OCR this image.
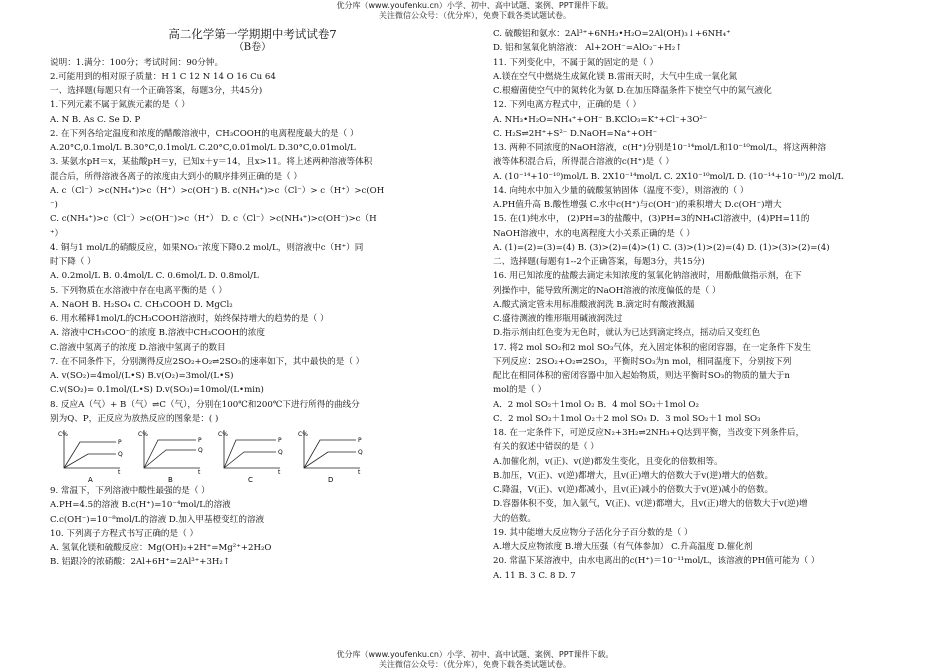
优分库（www.youfenku.cn）小学、初中、高中试题、案例、PPT课件下载。
关注微信公众号：（优分库），免费下载各类试题试卷。
高二化学第一学期期中考试试卷7
（B卷）
说明：1.满分：100分；考试时间：90分钟。
2.可能用到的相对原子质量：H 1 C 12 N 14 O 16 Cu 64
一、选择题(每题只有一个正确答案，每题3分，共45分)
1.下列元素不属于氮族元素的是（ ）
A. N B. As C. Se D. P
2. 在下列各给定温度和浓度的醋酸溶液中，CH₃COOH的电离程度最大的是（ ）
A.20°C,0.1mol/L B.30°C,0.1mol/L C.20°C,0.01mol/L D.30°C,0.01mol/L
3. 某氨水pH＝x，某盐酸pH＝y，已知x＋y＝14，且x>11。将上述两种溶液等体积
混合后，所得溶液各离子的浓度由大到小的顺序排列正确的是（ ）
A. c（Cl⁻）>c(NH₄⁺)>c（H⁺）>c(OH⁻) B. c(NH₄⁺)>c（Cl⁻）> c（H⁺）>c(OH
⁻)
C. c(NH₄⁺)>c（Cl⁻）>c(OH⁻)>c（H⁺） D. c（Cl⁻）>c(NH₄⁺)>c(OH⁻)>c（H
⁺）
4. 铜与1 mol/L的硝酸反应，如果NO₃⁻浓度下降0.2 mol/L，则溶液中c（H⁺）同
时下降（ ）
A. 0.2mol/L B. 0.4mol/L C. 0.6mol/L D. 0.8mol/L
5. 下列物质在水溶液中存在电离平衡的是（ ）
A. NaOH B. H₂SO₄ C. CH₃COOH D. MgCl₂
6. 用水稀释1mol/L的CH₃COOH溶液时，始终保持增大的趋势的是（ ）
A. 溶液中CH₃COO⁻的浓度 B.溶液中CH₃COOH的浓度
C.溶液中氢离子的浓度 D.溶液中氢离子的数目
7. 在不同条件下，分别测得反应2SO₂+O₂⇌2SO₃的速率如下，其中最快的是（ ）
A. v(SO₂)=4mol/(L•S) B.v(O₂)=3mol/(L•S)
C.v(SO₂)= 0.1mol/(L•S) D.v(SO₃)=10mol/(L•min)
8. 反应A（气）+ B（气）⇌C（气），分别在100℃和200℃下进行所得的曲线分
别为Q、P，正反应为放热反应的图象是：( )
C%
t
P
Q
A
C%
t
Q
P
B
C%
t
P
Q
C
C%
t
Q
P
D
9. 常温下，下列溶液中酸性最强的是（ ）
A.PH=4.5的溶液 B.c(H⁺)=10⁻⁴mol/L的溶液
C.c(OH⁻)=10⁻⁸mol/L的溶液 D.加入甲基橙变红的溶液
10. 下列离子方程式书写正确的是（ ）
A. 氢氧化镁和硫酸反应：Mg(OH)₂+2H⁺=Mg²⁺+2H₂O
B. 铝跟冷的浓硝酸：2Al+6H⁺=2Al³⁺+3H₂↑
C. 硫酸铝和氨水：2Al³⁺+6NH₃•H₂O=2Al(OH)₃↓+6NH₄⁺
D. 铝和氢氧化钠溶液： Al+2OH⁻=AlO₂⁻+H₂↑
11. 下列变化中，不属于氮的固定的是（ ）
A.镁在空气中燃烧生成氮化镁 B.雷雨天时，大气中生成一氧化氮
C.根瘤菌使空气中的氮转化为氨 D.在加压降温条件下使空气中的氮气液化
12. 下列电离方程式中，正确的是（ ）
A. NH₃•H₂O=NH₄⁺+OH⁻ B.KClO₃=K⁺+Cl⁻+3O²⁻
C. H₂S⇌2H⁺+S²⁻ D.NaOH=Na⁺+OH⁻
13. 两种不同浓度的NaOH溶液，c(H⁺)分别是10⁻¹⁴mol/L和10⁻¹⁰mol/L，将这两种溶
液等体积混合后，所得混合溶液的c(H⁺)是（ ）
A. (10⁻¹⁴+10⁻¹⁰)mol/L B. 2X10⁻¹⁴mol/L C. 2X10⁻¹⁰mol/L D. (10⁻¹⁴+10⁻¹⁰)/2 mol/L
14. 向纯水中加入少量的硫酸氢钠固体（温度不变），则溶液的（ ）
A.PH值升高 B.酸性增强 C.水中c(H⁺)与c(OH⁻)的乘积增大 D.c(OH⁻)增大
15. 在(1)纯水中， (2)PH=3的盐酸中，(3)PH=3的NH₄Cl溶液中，(4)PH=11的
NaOH溶液中，水的电离程度大小关系正确的是（ ）
A. (1)=(2)=(3)=(4) B. (3)>(2)=(4)>(1) C. (3)>(1)>(2)=(4) D. (1)>(3)>(2)=(4)
二、选择题(每题有1--2个正确答案，每题3分，共15分)
16. 用已知浓度的盐酸去滴定未知浓度的氢氧化钠溶液时，用酚酞做指示剂，在下
列操作中，能导致所测定的NaOH溶液的浓度偏低的是（ ）
A.酸式滴定管未用标准酸液润洗 B.滴定时有酸液溅漏
C.盛待测液的锥形瓶用碱液润洗过
D.指示剂由红色变为无色时，就认为已达到滴定终点，摇动后又变红色
17. 将2 mol SO₂和2 mol SO₃气体，充入固定体积的密闭容器，在一定条件下发生
下列反应：2SO₂+O₂⇌2SO₃，平衡时SO₃为n mol，相同温度下，分别按下列
配比在相同体积的密闭容器中加入起始物质，则达平衡时SO₃的物质的量大于n
mol的是（ ）
A．2 mol SO₂＋1mol O₂ B．4 mol SO₂＋1mol O₂
C．2 mol SO₂＋1mol O₂＋2 mol SO₃ D．3 mol SO₂＋1 mol SO₃
18. 在一定条件下，可逆反应N₂+3H₂⇌2NH₃+Q达到平衡，当改变下列条件后，
有关的叙述中错误的是（ ）
A.加催化剂，v(正)、v(逆)都发生变化，且变化的倍数相等。
B.加压，V(正)、v(逆)都增大，且v(正)增大的倍数大于v(逆)增大的倍数。
C.降温，V(正)、v(逆)都减小，且v(正)减小的倍数大于v(逆)减小的倍数。
D.容器体积不变，加入氩气，V(正)、v(逆)都增大，且v(正)增大的倍数大于v(逆)增
大的倍数。
19. 其中能增大反应物分子活化分子百分数的是（ ）
A.增大反应物浓度 B.增大压强（有气体参加） C.升高温度 D.催化剂
20. 常温下某溶液中，由水电离出的c(H⁺)＝10⁻¹¹mol/L，该溶液的PH值可能为（ ）
A. 11 B. 3 C. 8 D. 7
优分库（www.youfenku.cn）小学、初中、高中试题、案例、PPT课件下载。
关注微信公众号：（优分库），免费下载各类试题试卷。
